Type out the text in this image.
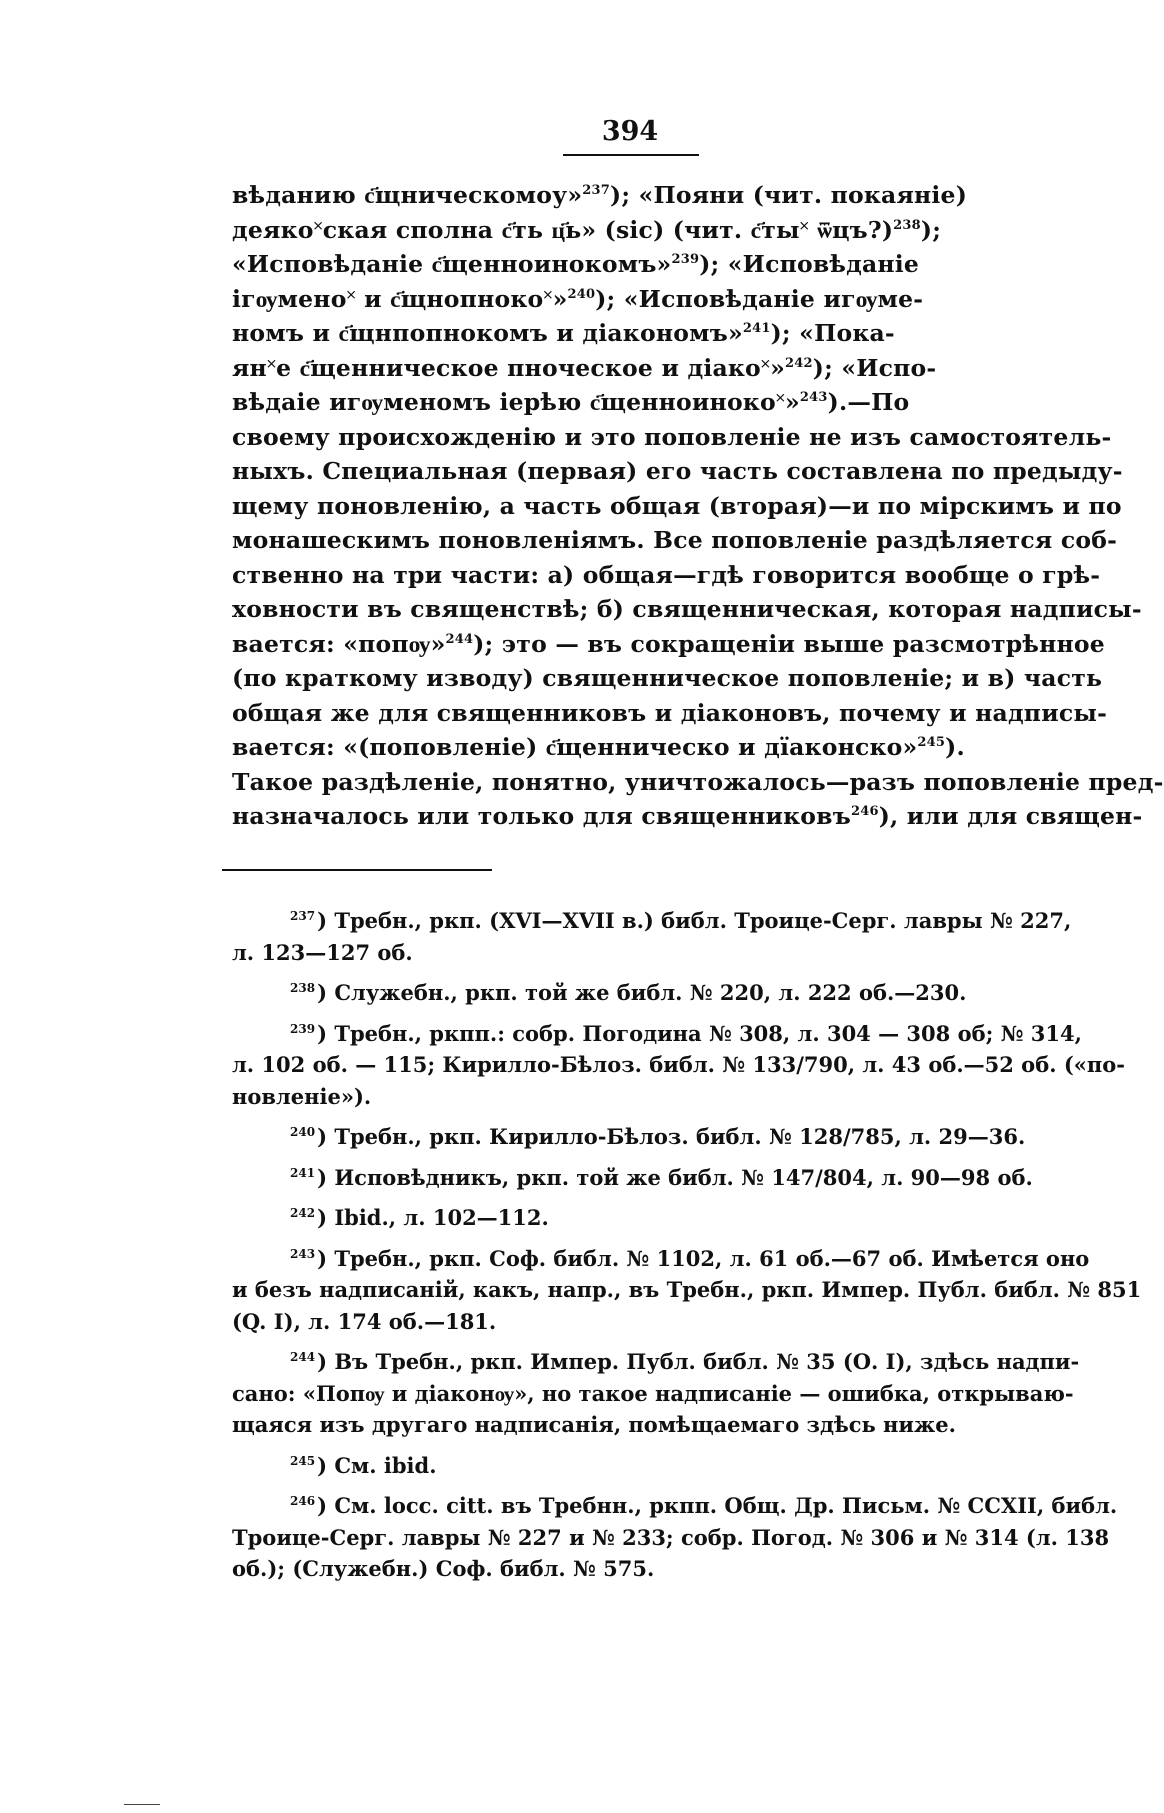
394
вѣданию с҃щническомоу»$^{237}$); «Пояни (чит. покаяніе)
деяко˟ская сполна с҃ть ц҃ь» (sic) (чит. с҃ты˟ ѿцъ?)$^{238}$);
«Исповѣданіе с҃щеннoинокомъ»$^{239}$); «Исповѣданіе
ігѹмено˟ и с҃щнопноко˟»$^{240}$); «Исповѣданіе игѹме-
номъ и с҃щнпопнокомъ и діакономъ»$^{241}$); «Пока-
ян˟е с҃щенническое пноческое и діако˟»$^{242}$); «Испо-
вѣдаіе игѹменомъ іерѣю с҃щенноиноко˟»$^{243}$).—По
своему происхожденію и это поповленіе не изъ самостоятель-
ныхъ. Специальная (первая) его часть составлена по предыду-
щему поновленію, а часть общая (вторая)—и по мірскимъ и по
монашескимъ поновленіямъ. Все поповленіе раздѣляется соб-
ственно на три части: а) общая—гдѣ говорится вообще о грѣ-
ховности въ священствѣ; б) священническая, которая надписы-
вается: «попѹ»$^{244}$); это — въ сокращеніи выше разсмотрѣнное
(по краткому изводу) священническое поповленіе; и в) часть
общая же для священниковъ и діаконовъ, почему и надписы-
вается: «(поповленіе) с҃щенническо и дїаконско»$^{245}$).
Такое раздѣленіе, понятно, уничтожалось—разъ поповленіе пред-
назначалось или только для священниковъ$^{246}$), или для священ-
$^{237}$) Требн., ркп. (XVI—XVII в.) библ. Троице-Серг. лавры № 227,
л. 123—127 об.
$^{238}$) Служебн., ркп. той же библ. № 220, л. 222 об.—230.
$^{239}$) Требн., ркпп.: собр. Погодина № 308, л. 304 — 308 об; № 314,
л. 102 об. — 115; Кирилло-Бѣлоз. библ. № 133/790, л. 43 об.—52 об. («по-
новленіе»).
$^{240}$) Требн., ркп. Кирилло-Бѣлоз. библ. № 128/785, л. 29—36.
$^{241}$) Исповѣдникъ, ркп. той же библ. № 147/804, л. 90—98 об.
$^{242}$) Ibid., л. 102—112.
$^{243}$) Требн., ркп. Соф. библ. № 1102, л. 61 об.—67 об. Имѣется оно
и безъ надписаній, какъ, напр., въ Требн., ркп. Импер. Публ. библ. № 851
(Q. I), л. 174 об.—181.
$^{244}$) Въ Требн., ркп. Импер. Публ. библ. № 35 (О. I), здѣсь надпи-
сано: «Попѹ и діаконѹ», но такое надписаніе — ошибка, открываю-
щаяся изъ другаго надписанія, помѣщаемаго здѣсь ниже.
$^{245}$) См. ibid.
$^{246}$) См. locc. citt. въ Требнн., ркпп. Общ. Др. Письм. № CCXII, библ.
Троице-Серг. лавры № 227 и № 233; собр. Погод. № 306 и № 314 (л. 138
об.); (Служебн.) Соф. библ. № 575.
